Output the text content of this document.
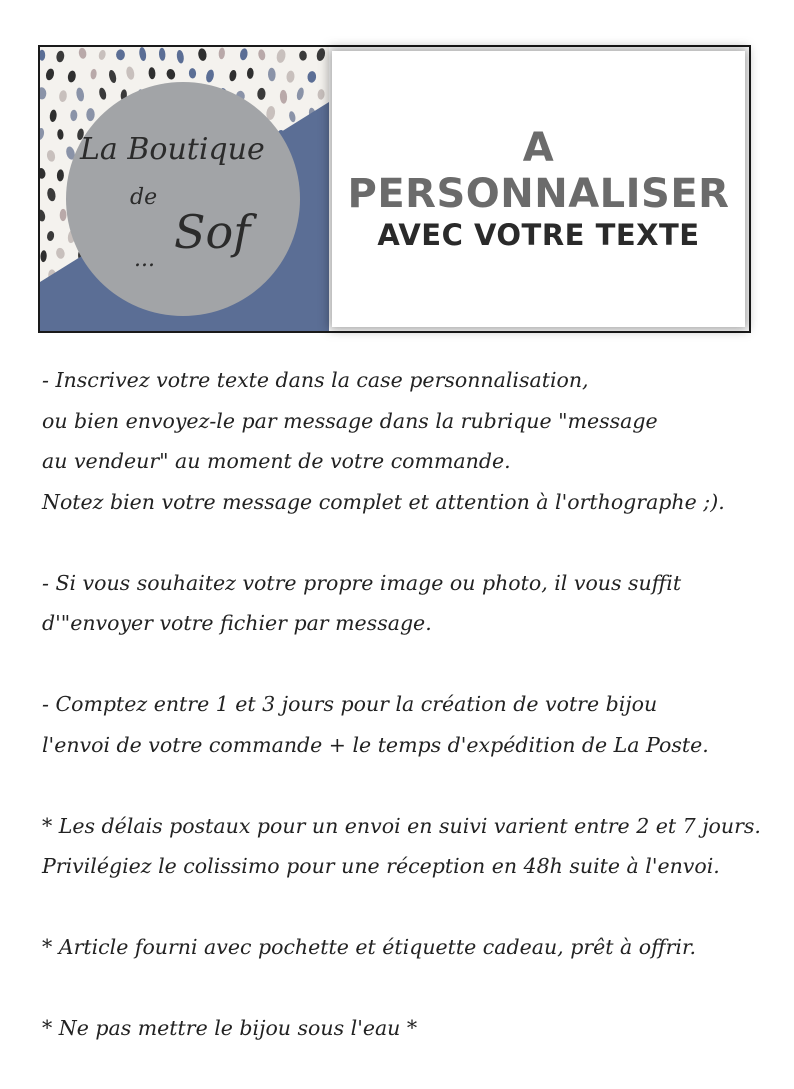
La Boutique
de
Sof
...
A PERSONNALISER
AVEC VOTRE TEXTE
- Inscrivez votre texte dans la case personnalisation,
ou bien envoyez-le par message dans la rubrique "message
au vendeur" au moment de votre commande.
Notez bien votre message complet et attention à l'orthographe ;).
- Si vous souhaitez votre propre image ou photo, il vous suffit
d'"envoyer votre fichier par message.
- Comptez entre 1 et 3 jours pour la création de votre bijou
l'envoi de votre commande + le temps d'expédition de La Poste.
* Les délais postaux pour un envoi en suivi varient entre 2 et 7 jours.
Privilégiez le colissimo pour une réception en 48h suite à l'envoi.
* Article fourni avec pochette et étiquette cadeau, prêt à offrir.
* Ne pas mettre le bijou sous l'eau *
